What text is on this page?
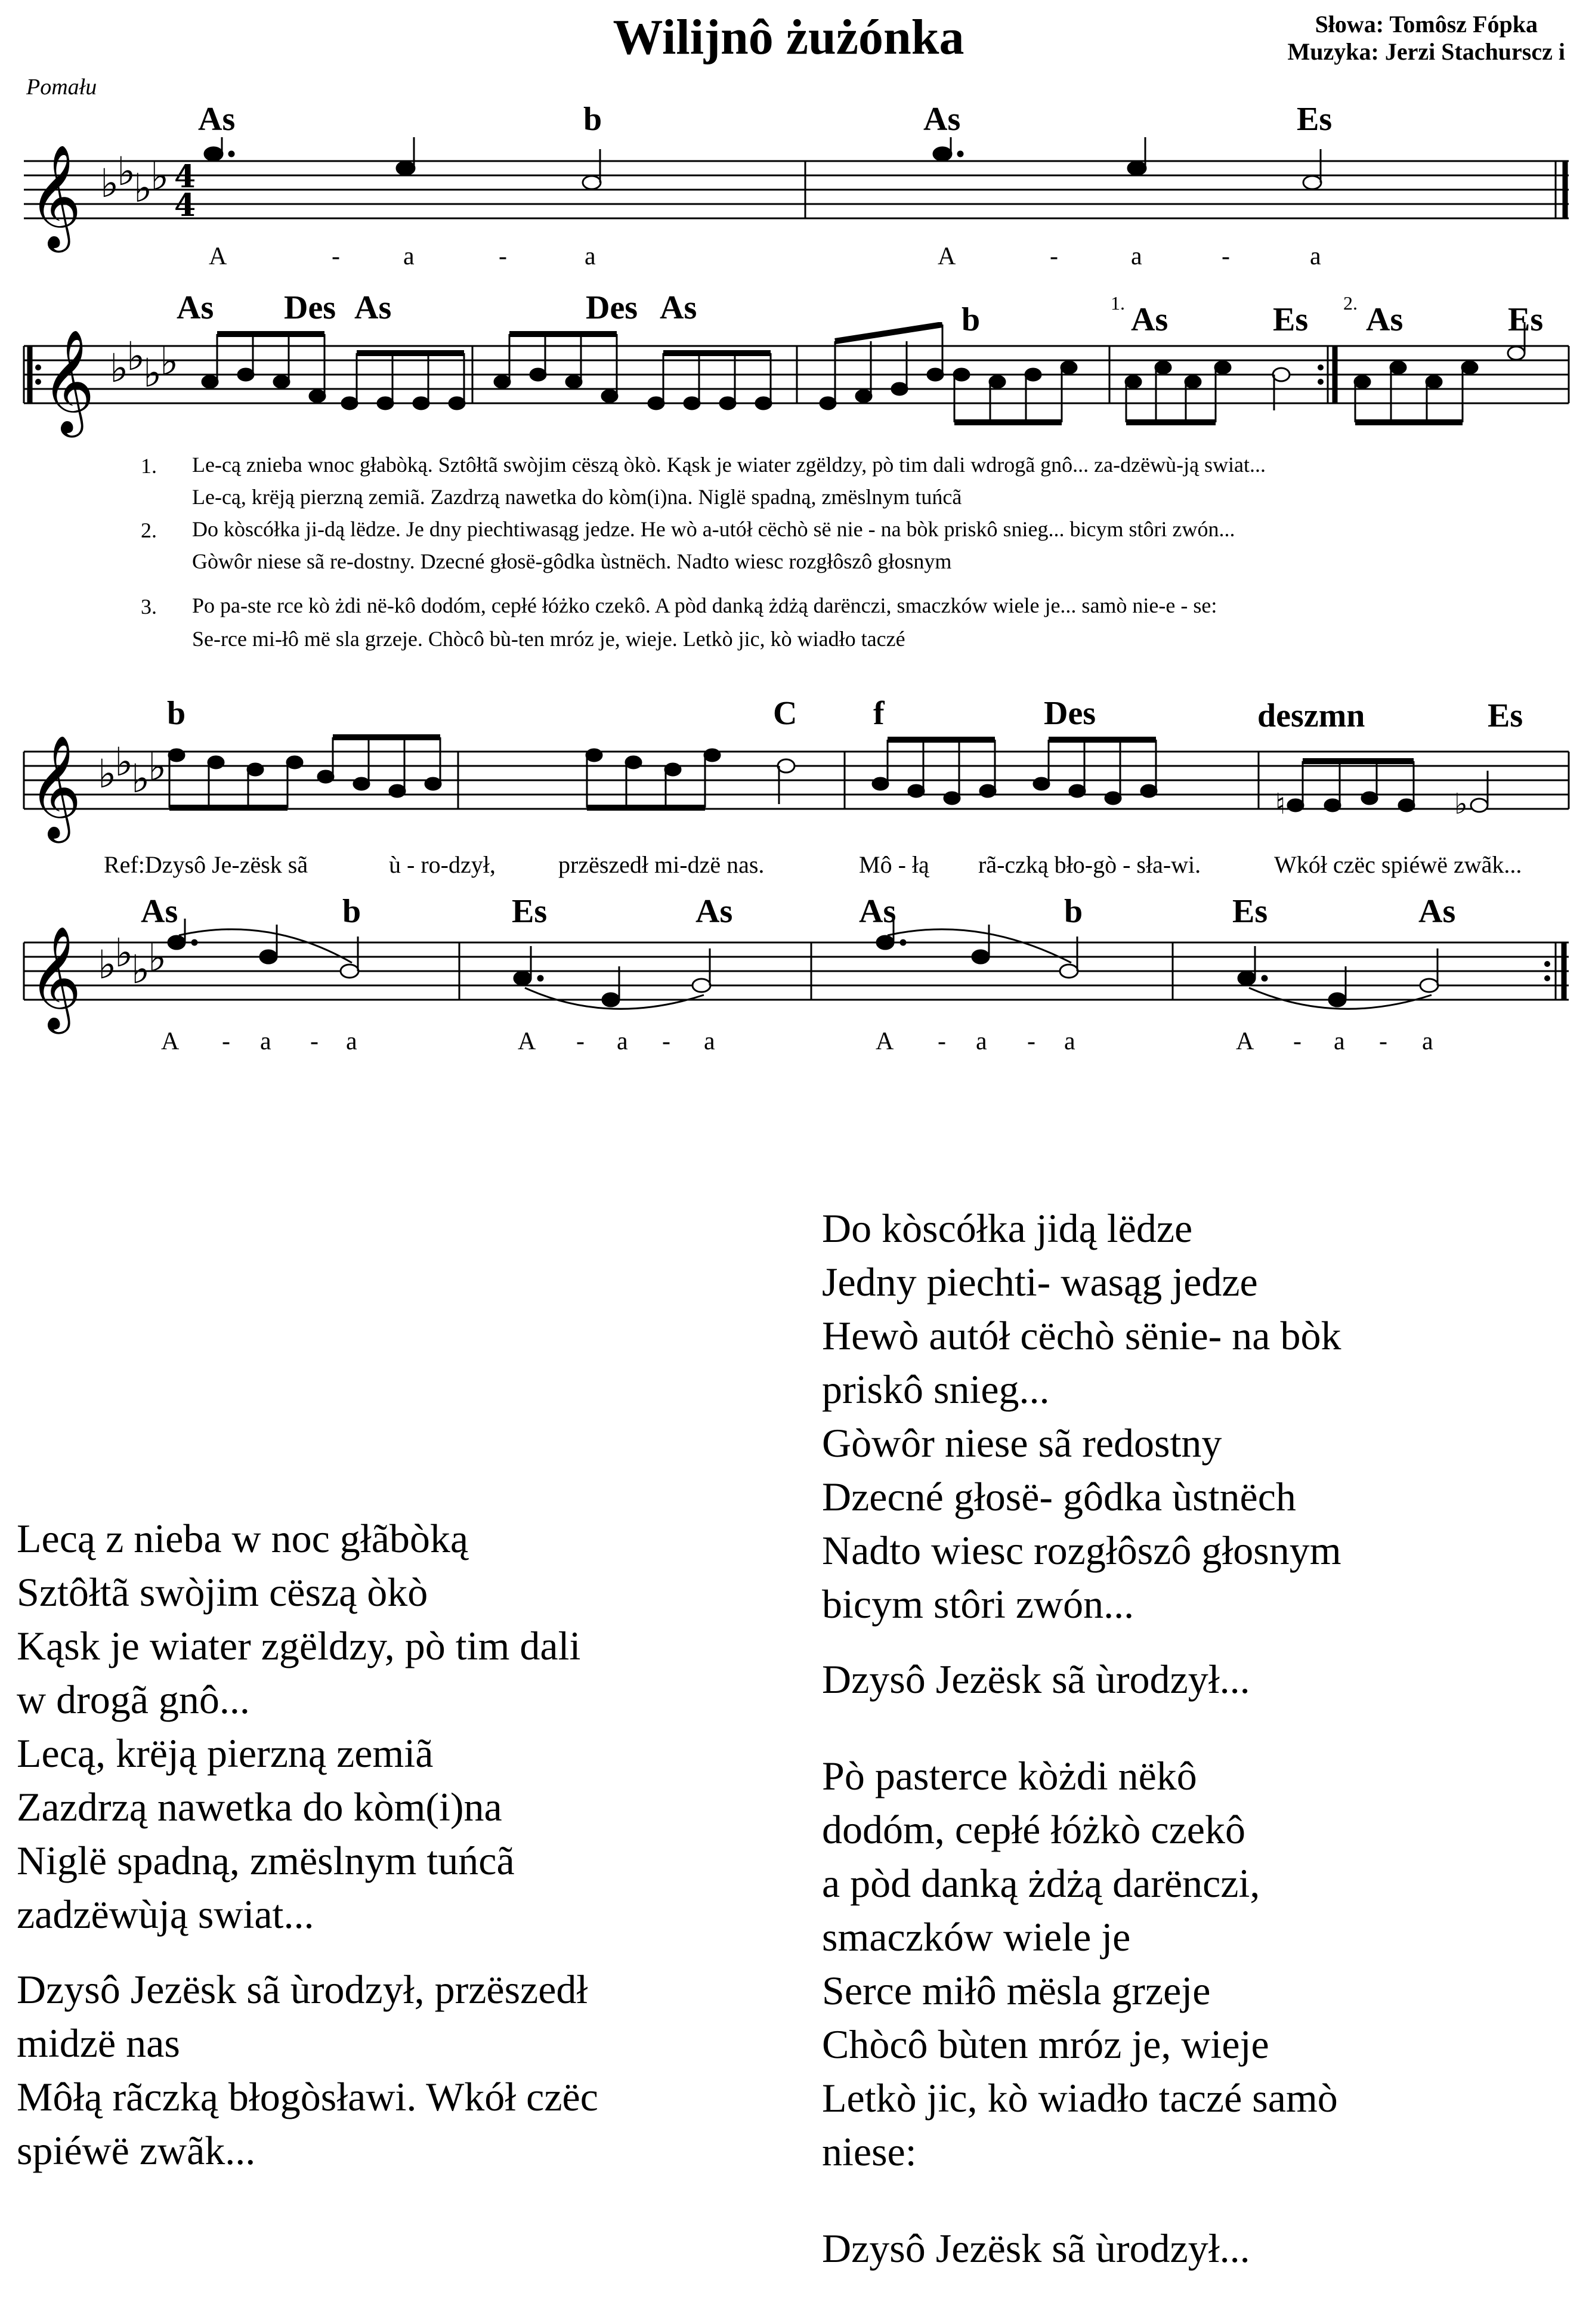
Wilijnô żużónka	Słowa: Tomôsz Fópka
Muzyka: Jerzi Stachurscz i
Pomału
As	b	As	Es
𝄞 ♭
♭
♭
♭ 4
4
A	-	a	-	a	A	-	a	-	a
As Des As	Des As	b	As	Es As	Es
1.	2.
𝄞 ♭
♭
♭
♭
1. Le-cą znieba wnoc głabòką. Sztôłtã swòjim cëszą òkò. Kąsk je wiater zgëldzy, pò tim dali wdrogã gnô... za-dzëwù-ją swiat...
Le-cą, krëją pierzną zemiã. Zazdrzą nawetka do kòm(i)na. Niglë spadną, zmëslnym tuńcã
2. Do kòscółka ji-dą lëdze. Je dny piechtiwasąg jedze. He wò a-utół cëchò së nie - na bòk priskô snieg... bicym stôri zwón...
Gòwôr niese sã re-dostny. Dzecné głosë-gôdka ùstnëch. Nadto wiesc rozgłôszô głosnym
3. Po pa-ste rce kò żdi në-kô dodóm, cepłé łóżko czekô. A pòd danką żdżą darënczi, smaczków wiele je... samò nie-e - se:
Se-rce mi-łô më sla grzeje. Chòcô bù-ten mróz je, wieje. Letkò jic, kò wiadło taczé
b	C f	Des	deszmn	Es
𝄞 ♭
♭
♭
♭
♮	♭
Ref:Dzysô Je-zësk sã	ù - ro-dzył,	przëszedł mi-dzë nas.	Mô - łą rã-czką bło-gò - sła-wi.	Wkół czëc spiéwë zwãk...
As	b	Es	As	As	b	Es	As
𝄞 ♭
♭
♭
♭
A - a - a	A - a - a	A - a - a	A - a - a
Lecą z nieba w noc głãbòką
Sztôłtã swòjim cëszą òkò
Kąsk je wiater zgëldzy, pò tim dali
w drogã gnô...
Lecą, krëją pierzną zemiã
Zazdrzą nawetka do kòm(i)na
Niglë spadną, zmëslnym tuńcã
zadzëwùją swiat...
Dzysô Jezësk sã ùrodzył, przëszedł
midzë nas
Môłą rãczką błogòsławi. Wkół czëc
spiéwë zwãk...
Do kòscółka jidą lëdze
Jedny piechti- wasąg jedze
Hewò autół cëchò sënie- na bòk
priskô snieg...
Gòwôr niese sã redostny
Dzecné głosë- gôdka ùstnëch
Nadto wiesc rozgłôszô głosnym
bicym stôri zwón...
Dzysô Jezësk sã ùrodzył...
Pò pasterce kòżdi nëkô
dodóm, cepłé łóżkò czekô
a pòd danką żdżą darënczi,
smaczków wiele je
Serce miłô mësla grzeje
Chòcô bùten mróz je, wieje
Letkò jic, kò wiadło taczé samò
niese:
Dzysô Jezësk sã ùrodzył...
